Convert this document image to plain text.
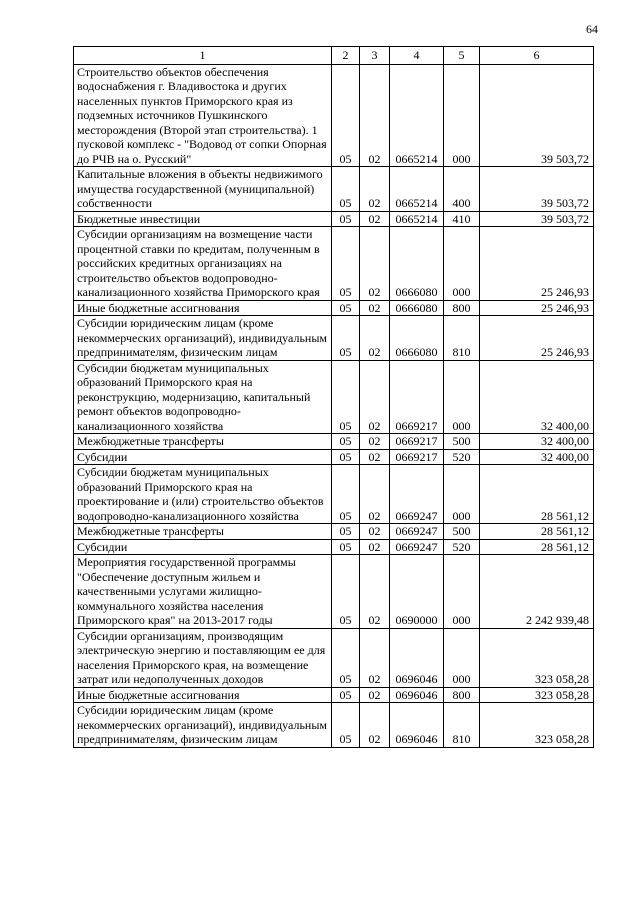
64
1	2	3	4	5	6
Строительство объектов обеспечения водоснабжения г. Владивостока и других населенных пунктов Приморского края из подземных источников Пушкинского месторождения (Второй этап строительства). 1 пусковой комплекс - "Водовод от сопки Опорная до РЧВ на о. Русский"	05	02	0665214	000	39 503,72
Капитальные вложения в объекты недвижимого имущества государственной (муниципальной) собственности	05	02	0665214	400	39 503,72
Бюджетные инвестиции	05	02	0665214	410	39 503,72
Субсидии организациям на возмещение части процентной ставки по кредитам, полученным в российских кредитных организациях на строительство объектов водопроводно-канализационного хозяйства Приморского края	05	02	0666080	000	25 246,93
Иные бюджетные ассигнования	05	02	0666080	800	25 246,93
Субсидии юридическим лицам (кроме некоммерческих организаций), индивидуальным предпринимателям, физическим лицам	05	02	0666080	810	25 246,93
Субсидии бюджетам муниципальных образований Приморского края на реконструкцию, модернизацию, капитальный ремонт объектов водопроводно-канализационного хозяйства	05	02	0669217	000	32 400,00
Межбюджетные трансферты	05	02	0669217	500	32 400,00
Субсидии	05	02	0669217	520	32 400,00
Субсидии бюджетам муниципальных образований Приморского края на проектирование и (или) строительство объектов водопроводно-канализационного хозяйства	05	02	0669247	000	28 561,12
Межбюджетные трансферты	05	02	0669247	500	28 561,12
Субсидии	05	02	0669247	520	28 561,12
Мероприятия государственной программы "Обеспечение доступным жильем и качественными услугами жилищно-коммунального хозяйства населения Приморского края" на 2013-2017 годы	05	02	0690000	000	2 242 939,48
Субсидии организациям, производящим электрическую энергию и поставляющим ее для населения Приморского края, на возмещение затрат или недополученных доходов	05	02	0696046	000	323 058,28
Иные бюджетные ассигнования	05	02	0696046	800	323 058,28
Субсидии юридическим лицам (кроме некоммерческих организаций), индивидуальным предпринимателям, физическим лицам	05	02	0696046	810	323 058,28
